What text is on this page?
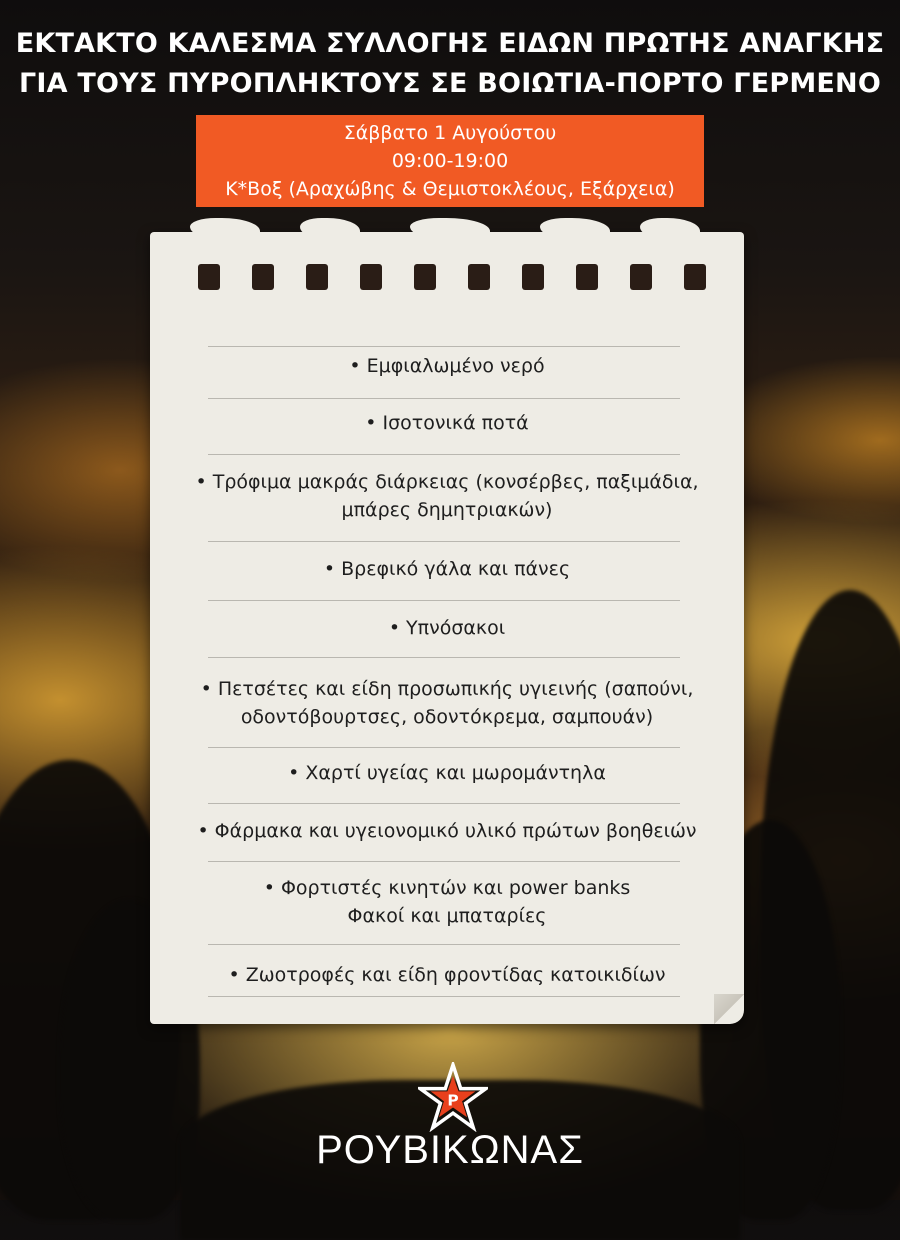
ΕΚΤΑΚΤΟ ΚΑΛΕΣΜΑ ΣΥΛΛΟΓΗΣ ΕΙΔΩΝ ΠΡΩΤΗΣ ΑΝΑΓΚΗΣ
ΓΙΑ ΤΟΥΣ ΠΥΡΟΠΛΗΚΤΟΥΣ ΣΕ ΒΟΙΩΤΙΑ-ΠΟΡΤΟ ΓΕΡΜΕΝΟ
Σάββατο 1 Αυγούστου
09:00-19:00
Κ*Βοξ (Αραχώβης & Θεμιστοκλέους, Εξάρχεια)
• Εμφιαλωμένο νερό
• Ισοτονικά ποτά
• Τρόφιμα μακράς διάρκειας (κονσέρβες, παξιμάδια,
μπάρες δημητριακών)
• Βρεφικό γάλα και πάνες
• Υπνόσακοι
• Πετσέτες και είδη προσωπικής υγιεινής (σαπούνι,
οδοντόβουρτσες, οδοντόκρεμα, σαμπουάν)
• Χαρτί υγείας και μωρομάντηλα
• Φάρμακα και υγειονομικό υλικό πρώτων βοηθειών
• Φορτιστές κινητών και power banks
Φακοί και μπαταρίες
• Ζωοτροφές και είδη φροντίδας κατοικιδίων
P
ΡΟΥΒΙΚΩΝΑΣ
